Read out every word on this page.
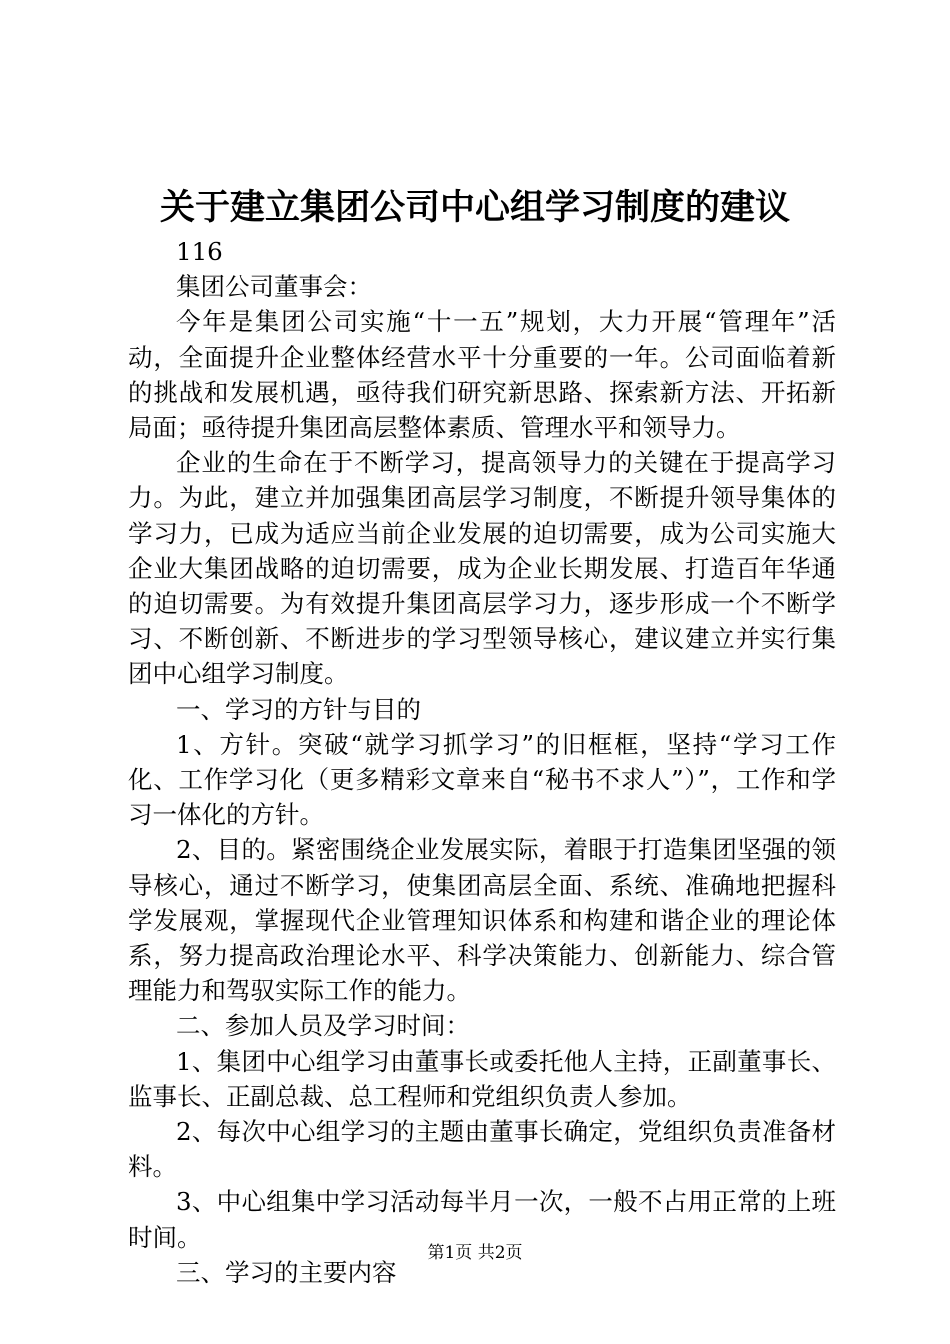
关于建立集团公司中心组学习制度的建议

116

集团公司董事会：

今年是集团公司实施“十一五”规划，大力开展“管理年”活动，全面提升企业整体经营水平十分重要的一年。公司面临着新的挑战和发展机遇，亟待我们研究新思路、探索新方法、开拓新局面；亟待提升集团高层整体素质、管理水平和领导力。

企业的生命在于不断学习，提高领导力的关键在于提高学习力。为此，建立并加强集团高层学习制度，不断提升领导集体的学习力，已成为适应当前企业发展的迫切需要，成为公司实施大企业大集团战略的迫切需要，成为企业长期发展、打造百年华通的迫切需要。为有效提升集团高层学习力，逐步形成一个不断学习、不断创新、不断进步的学习型领导核心，建议建立并实行集团中心组学习制度。

一、学习的方针与目的

1、方针。突破“就学习抓学习”的旧框框，坚持“学习工作化、工作学习化（更多精彩文章来自“秘书不求人”）”，工作和学习一体化的方针。

2、目的。紧密围绕企业发展实际，着眼于打造集团坚强的领导核心，通过不断学习，使集团高层全面、系统、准确地把握科学发展观，掌握现代企业管理知识体系和构建和谐企业的理论体系，努力提高政治理论水平、科学决策能力、创新能力、综合管理能力和驾驭实际工作的能力。

二、参加人员及学习时间：

1、集团中心组学习由董事长或委托他人主持，正副董事长、监事长、正副总裁、总工程师和党组织负责人参加。

2、每次中心组学习的主题由董事长确定，党组织负责准备材料。

3、中心组集中学习活动每半月一次，一般不占用正常的上班时间。

三、学习的主要内容

第1页 共2页
